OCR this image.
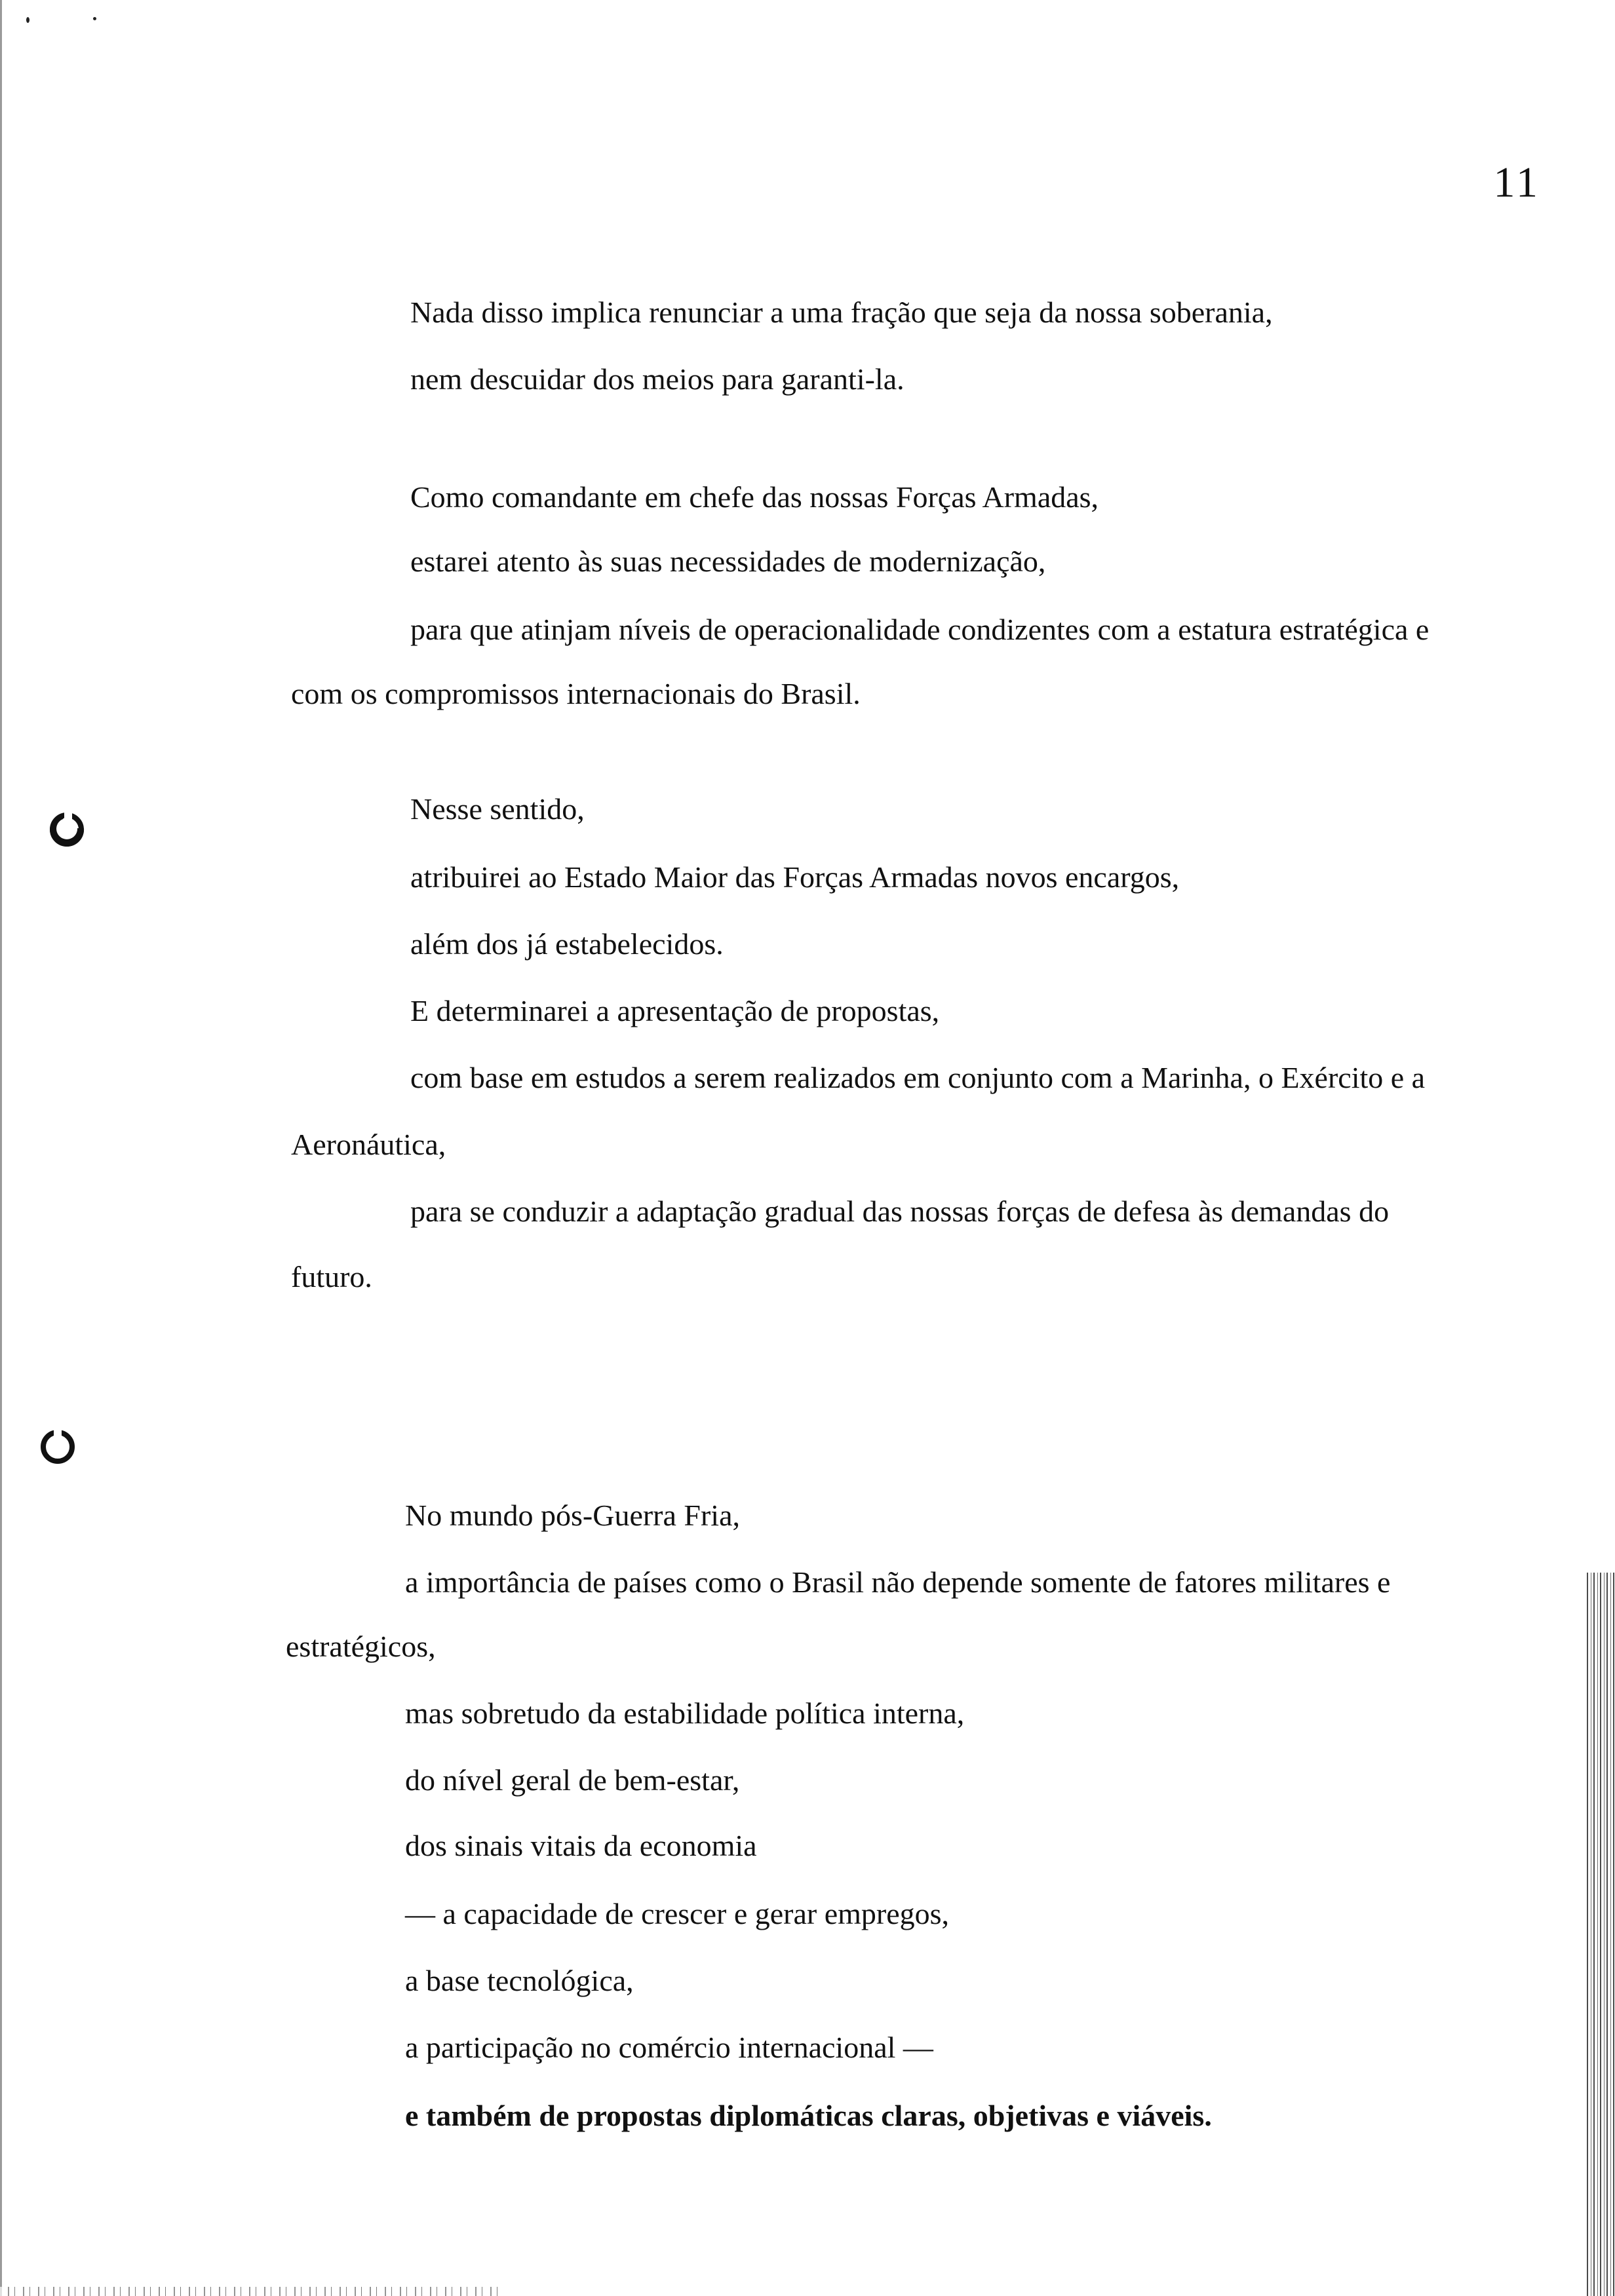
11
Nada disso implica renunciar a uma fração que seja da nossa soberania,
nem descuidar dos meios para garanti-la.
Como comandante em chefe das nossas Forças Armadas,
estarei atento às suas necessidades de modernização,
para que atinjam níveis de operacionalidade condizentes com a estatura estratégica e
com os compromissos internacionais do Brasil.
Nesse sentido,
atribuirei ao Estado Maior das Forças Armadas novos encargos,
além dos já estabelecidos.
E determinarei a apresentação de propostas,
com base em estudos a serem realizados em conjunto com a Marinha, o Exército e a
Aeronáutica,
para se conduzir a adaptação gradual das nossas forças de defesa às demandas do
futuro.
No mundo pós-Guerra Fria,
a importância de países como o Brasil não depende somente de fatores militares e
estratégicos,
mas sobretudo da estabilidade política interna,
do nível geral de bem-estar,
dos sinais vitais da economia
— a capacidade de crescer e gerar empregos,
a base tecnológica,
a participação no comércio internacional —
e também de propostas diplomáticas claras, objetivas e viáveis.
